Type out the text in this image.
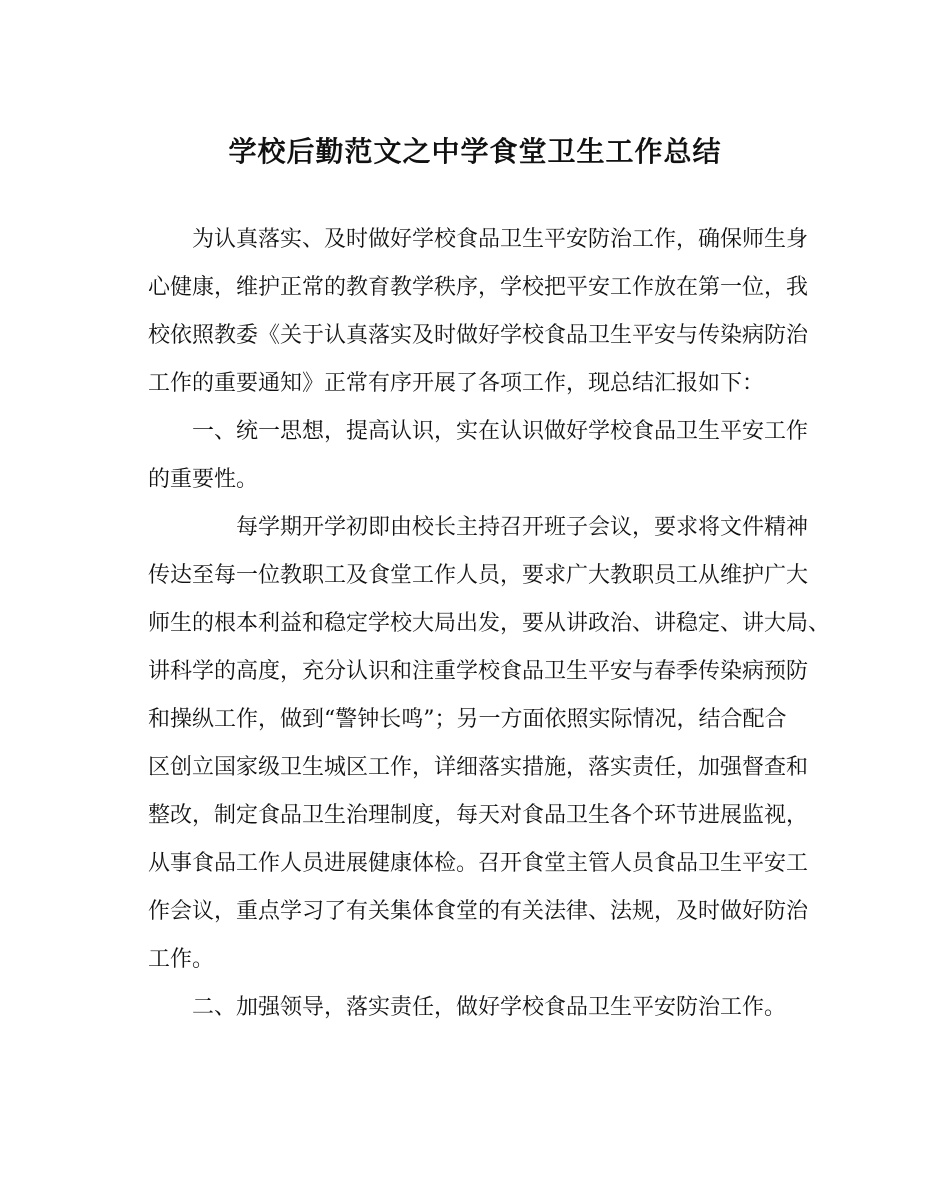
学校后勤范文之中学食堂卫生工作总结

为认真落实、及时做好学校食品卫生平安防治工作，确保师生身

心健康，维护正常的教育教学秩序，学校把平安工作放在第一位，我

校依照教委《关于认真落实及时做好学校食品卫生平安与传染病防治

工作的重要通知》正常有序开展了各项工作，现总结汇报如下：

一、统一思想，提高认识，实在认识做好学校食品卫生平安工作

的重要性。

每学期开学初即由校长主持召开班子会议，要求将文件精神

传达至每一位教职工及食堂工作人员，要求广大教职员工从维护广大

师生的根本利益和稳定学校大局出发，要从讲政治、讲稳定、讲大局、

讲科学的高度，充分认识和注重学校食品卫生平安与春季传染病预防

和操纵工作，做到“警钟长鸣”；另一方面依照实际情况，结合配合

区创立国家级卫生城区工作，详细落实措施，落实责任，加强督查和

整改，制定食品卫生治理制度，每天对食品卫生各个环节进展监视，

从事食品工作人员进展健康体检。召开食堂主管人员食品卫生平安工

作会议，重点学习了有关集体食堂的有关法律、法规，及时做好防治

工作。

二、加强领导，落实责任，做好学校食品卫生平安防治工作。
